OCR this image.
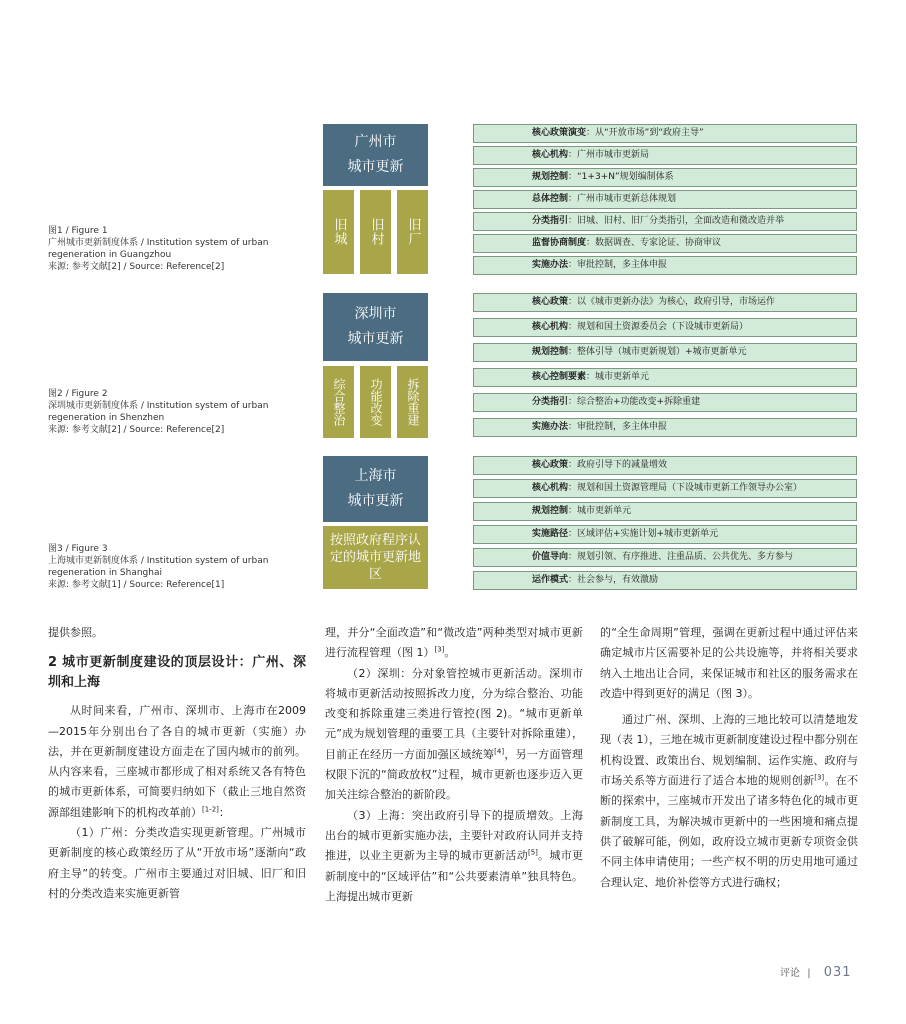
图1 / Figure 1
广州城市更新制度体系 / Institution system of urban regeneration in Guangzhou
来源: 参考文献[2] / Source: Reference[2]
广州市
城市更新
旧城	旧村	旧厂
核心政策演变：从“开放市场”到“政府主导”
核心机构：广州市城市更新局
规划控制：“1+3+N”规划编制体系
总体控制：广州市城市更新总体规划
分类指引：旧城、旧村、旧厂分类指引，全面改造和微改造并举
监督协商制度：数据调查、专家论证、协商审议
实施办法：审批控制，多主体申报
图2 / Figure 2
深圳城市更新制度体系 / Institution system of urban regeneration in Shenzhen
来源: 参考文献[2] / Source: Reference[2]
深圳市
城市更新
综合整治	功能改变	拆除重建
核心政策：以《城市更新办法》为核心，政府引导，市场运作
核心机构：规划和国土资源委员会（下设城市更新局）
规划控制：整体引导（城市更新规划）+城市更新单元
核心控制要素：城市更新单元
分类指引：综合整治+功能改变+拆除重建
实施办法：审批控制，多主体申报
图3 / Figure 3
上海城市更新制度体系 / Institution system of urban regeneration in Shanghai
来源: 参考文献[1] / Source: Reference[1]
上海市
城市更新
按照政府程序认定的城市更新地区
核心政策：政府引导下的减量增效
核心机构：规划和国土资源管理局（下设城市更新工作领导办公室）
规划控制：城市更新单元
实施路径：区域评估+实施计划+城市更新单元
价值导向：规划引领、有序推进、注重品质、公共优先、多方参与
运作模式：社会参与，有效激励

提供参照。

2 城市更新制度建设的顶层设计：广州、深圳和上海

从时间来看，广州市、深圳市、上海市在2009—2015年分别出台了各自的城市更新（实施）办法，并在更新制度建设方面走在了国内城市的前列。从内容来看，三座城市都形成了相对系统又各有特色的城市更新体系，可简要归纳如下（截止三地自然资源部组建影响下的机构改革前）[1-2]：

（1）广州：分类改造实现更新管理。广州城市更新制度的核心政策经历了从“开放市场”逐渐向“政府主导”的转变。广州市主要通过对旧城、旧厂和旧村的分类改造来实施更新管

理，并分“全面改造”和“微改造”两种类型对城市更新进行流程管理（图 1）[3]。

（2）深圳：分对象管控城市更新活动。深圳市将城市更新活动按照拆改力度，分为综合整治、功能改变和拆除重建三类进行管控(图 2)。“城市更新单元”成为规划管理的重要工具（主要针对拆除重建），目前正在经历一方面加强区域统筹[4]，另一方面管理权限下沉的“简政放权”过程，城市更新也逐步迈入更加关注综合整治的新阶段。

（3）上海：突出政府引导下的提质增效。上海出台的城市更新实施办法，主要针对政府认同并支持推进，以业主更新为主导的城市更新活动[5]。城市更新制度中的“区域评估”和“公共要素清单”独具特色。上海提出城市更新

的“全生命周期”管理，强调在更新过程中通过评估来确定城市片区需要补足的公共设施等，并将相关要求纳入土地出让合同，来保证城市和社区的服务需求在改造中得到更好的满足（图 3）。

通过广州、深圳、上海的三地比较可以清楚地发现（表 1），三地在城市更新制度建设过程中都分别在机构设置、政策出台、规划编制、运作实施、政府与市场关系等方面进行了适合本地的规则创新[3]。在不断的探索中，三座城市开发出了诸多特色化的城市更新制度工具，为解决城市更新中的一些困境和痛点提供了破解可能，例如，政府设立城市更新专项资金供不同主体申请使用；一些产权不明的历史用地可通过合理认定、地价补偿等方式进行确权；

评论 | 031
